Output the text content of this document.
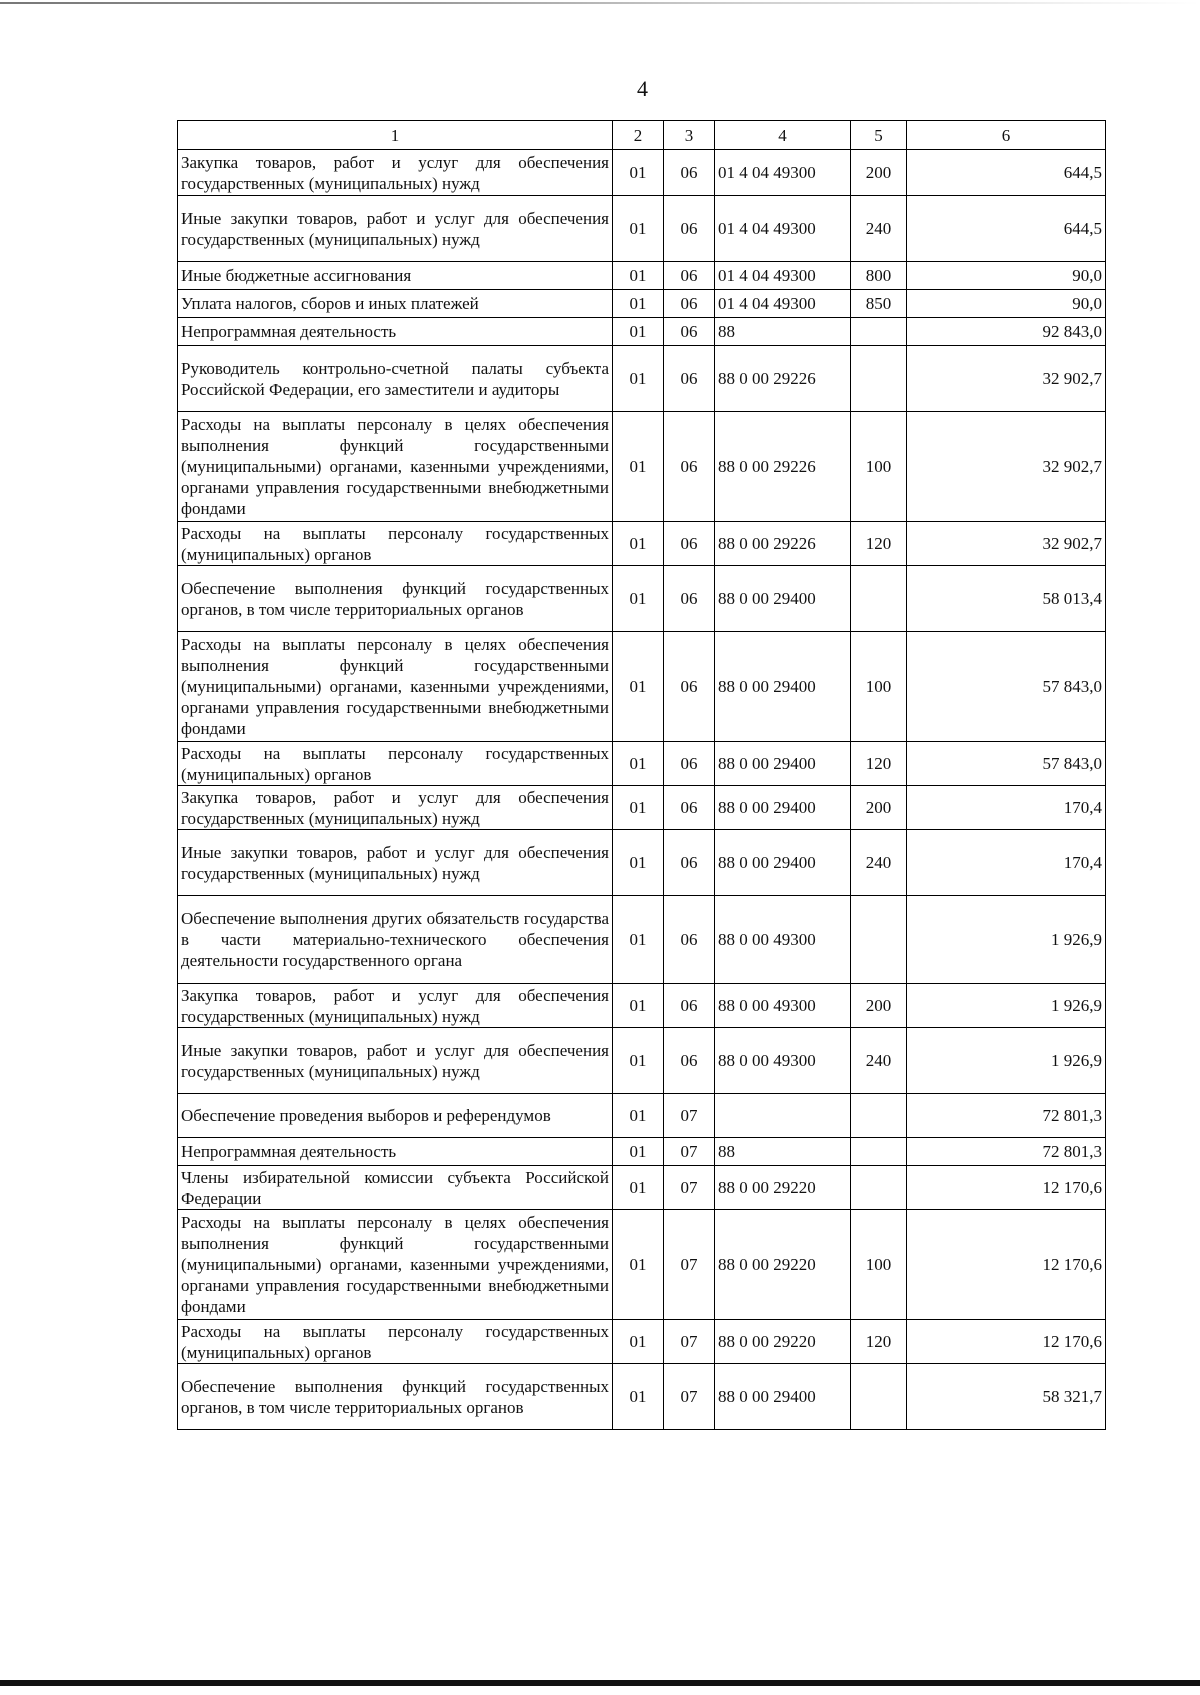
4
1	2	3	4	5	6
Закупка товаров, работ и услуг для обеспечения государственных (муниципальных) нужд	01	06	01 4 04 49300	200	644,5
Иные закупки товаров, работ и услуг для обеспечения государственных (муниципальных) нужд	01	06	01 4 04 49300	240	644,5
Иные бюджетные ассигнования	01	06	01 4 04 49300	800	90,0
Уплата налогов, сборов и иных платежей	01	06	01 4 04 49300	850	90,0
Непрограммная деятельность	01	06	88		92 843,0
Руководитель контрольно-счетной палаты субъекта Российской Федерации, его заместители и аудиторы	01	06	88 0 00 29226		32 902,7
Расходы на выплаты персоналу в целях обеспечения выполнения функций государственными (муниципальными) органами, казенными учреждениями, органами управления государственными внебюджетными фондами	01	06	88 0 00 29226	100	32 902,7
Расходы на выплаты персоналу государственных (муниципальных) органов	01	06	88 0 00 29226	120	32 902,7
Обеспечение выполнения функций государственных органов, в том числе территориальных органов	01	06	88 0 00 29400		58 013,4
Расходы на выплаты персоналу в целях обеспечения выполнения функций государственными (муниципальными) органами, казенными учреждениями, органами управления государственными внебюджетными фондами	01	06	88 0 00 29400	100	57 843,0
Расходы на выплаты персоналу государственных (муниципальных) органов	01	06	88 0 00 29400	120	57 843,0
Закупка товаров, работ и услуг для обеспечения государственных (муниципальных) нужд	01	06	88 0 00 29400	200	170,4
Иные закупки товаров, работ и услуг для обеспечения государственных (муниципальных) нужд	01	06	88 0 00 29400	240	170,4
Обеспечение выполнения других обязательств государства в части материально-технического обеспечения деятельности государственного органа	01	06	88 0 00 49300		1 926,9
Закупка товаров, работ и услуг для обеспечения государственных (муниципальных) нужд	01	06	88 0 00 49300	200	1 926,9
Иные закупки товаров, работ и услуг для обеспечения государственных (муниципальных) нужд	01	06	88 0 00 49300	240	1 926,9
Обеспечение проведения выборов и референдумов	01	07			72 801,3
Непрограммная деятельность	01	07	88		72 801,3
Члены избирательной комиссии субъекта Российской Федерации	01	07	88 0 00 29220		12 170,6
Расходы на выплаты персоналу в целях обеспечения выполнения функций государственными (муниципальными) органами, казенными учреждениями, органами управления государственными внебюджетными фондами	01	07	88 0 00 29220	100	12 170,6
Расходы на выплаты персоналу государственных (муниципальных) органов	01	07	88 0 00 29220	120	12 170,6
Обеспечение выполнения функций государственных органов, в том числе территориальных органов	01	07	88 0 00 29400		58 321,7
